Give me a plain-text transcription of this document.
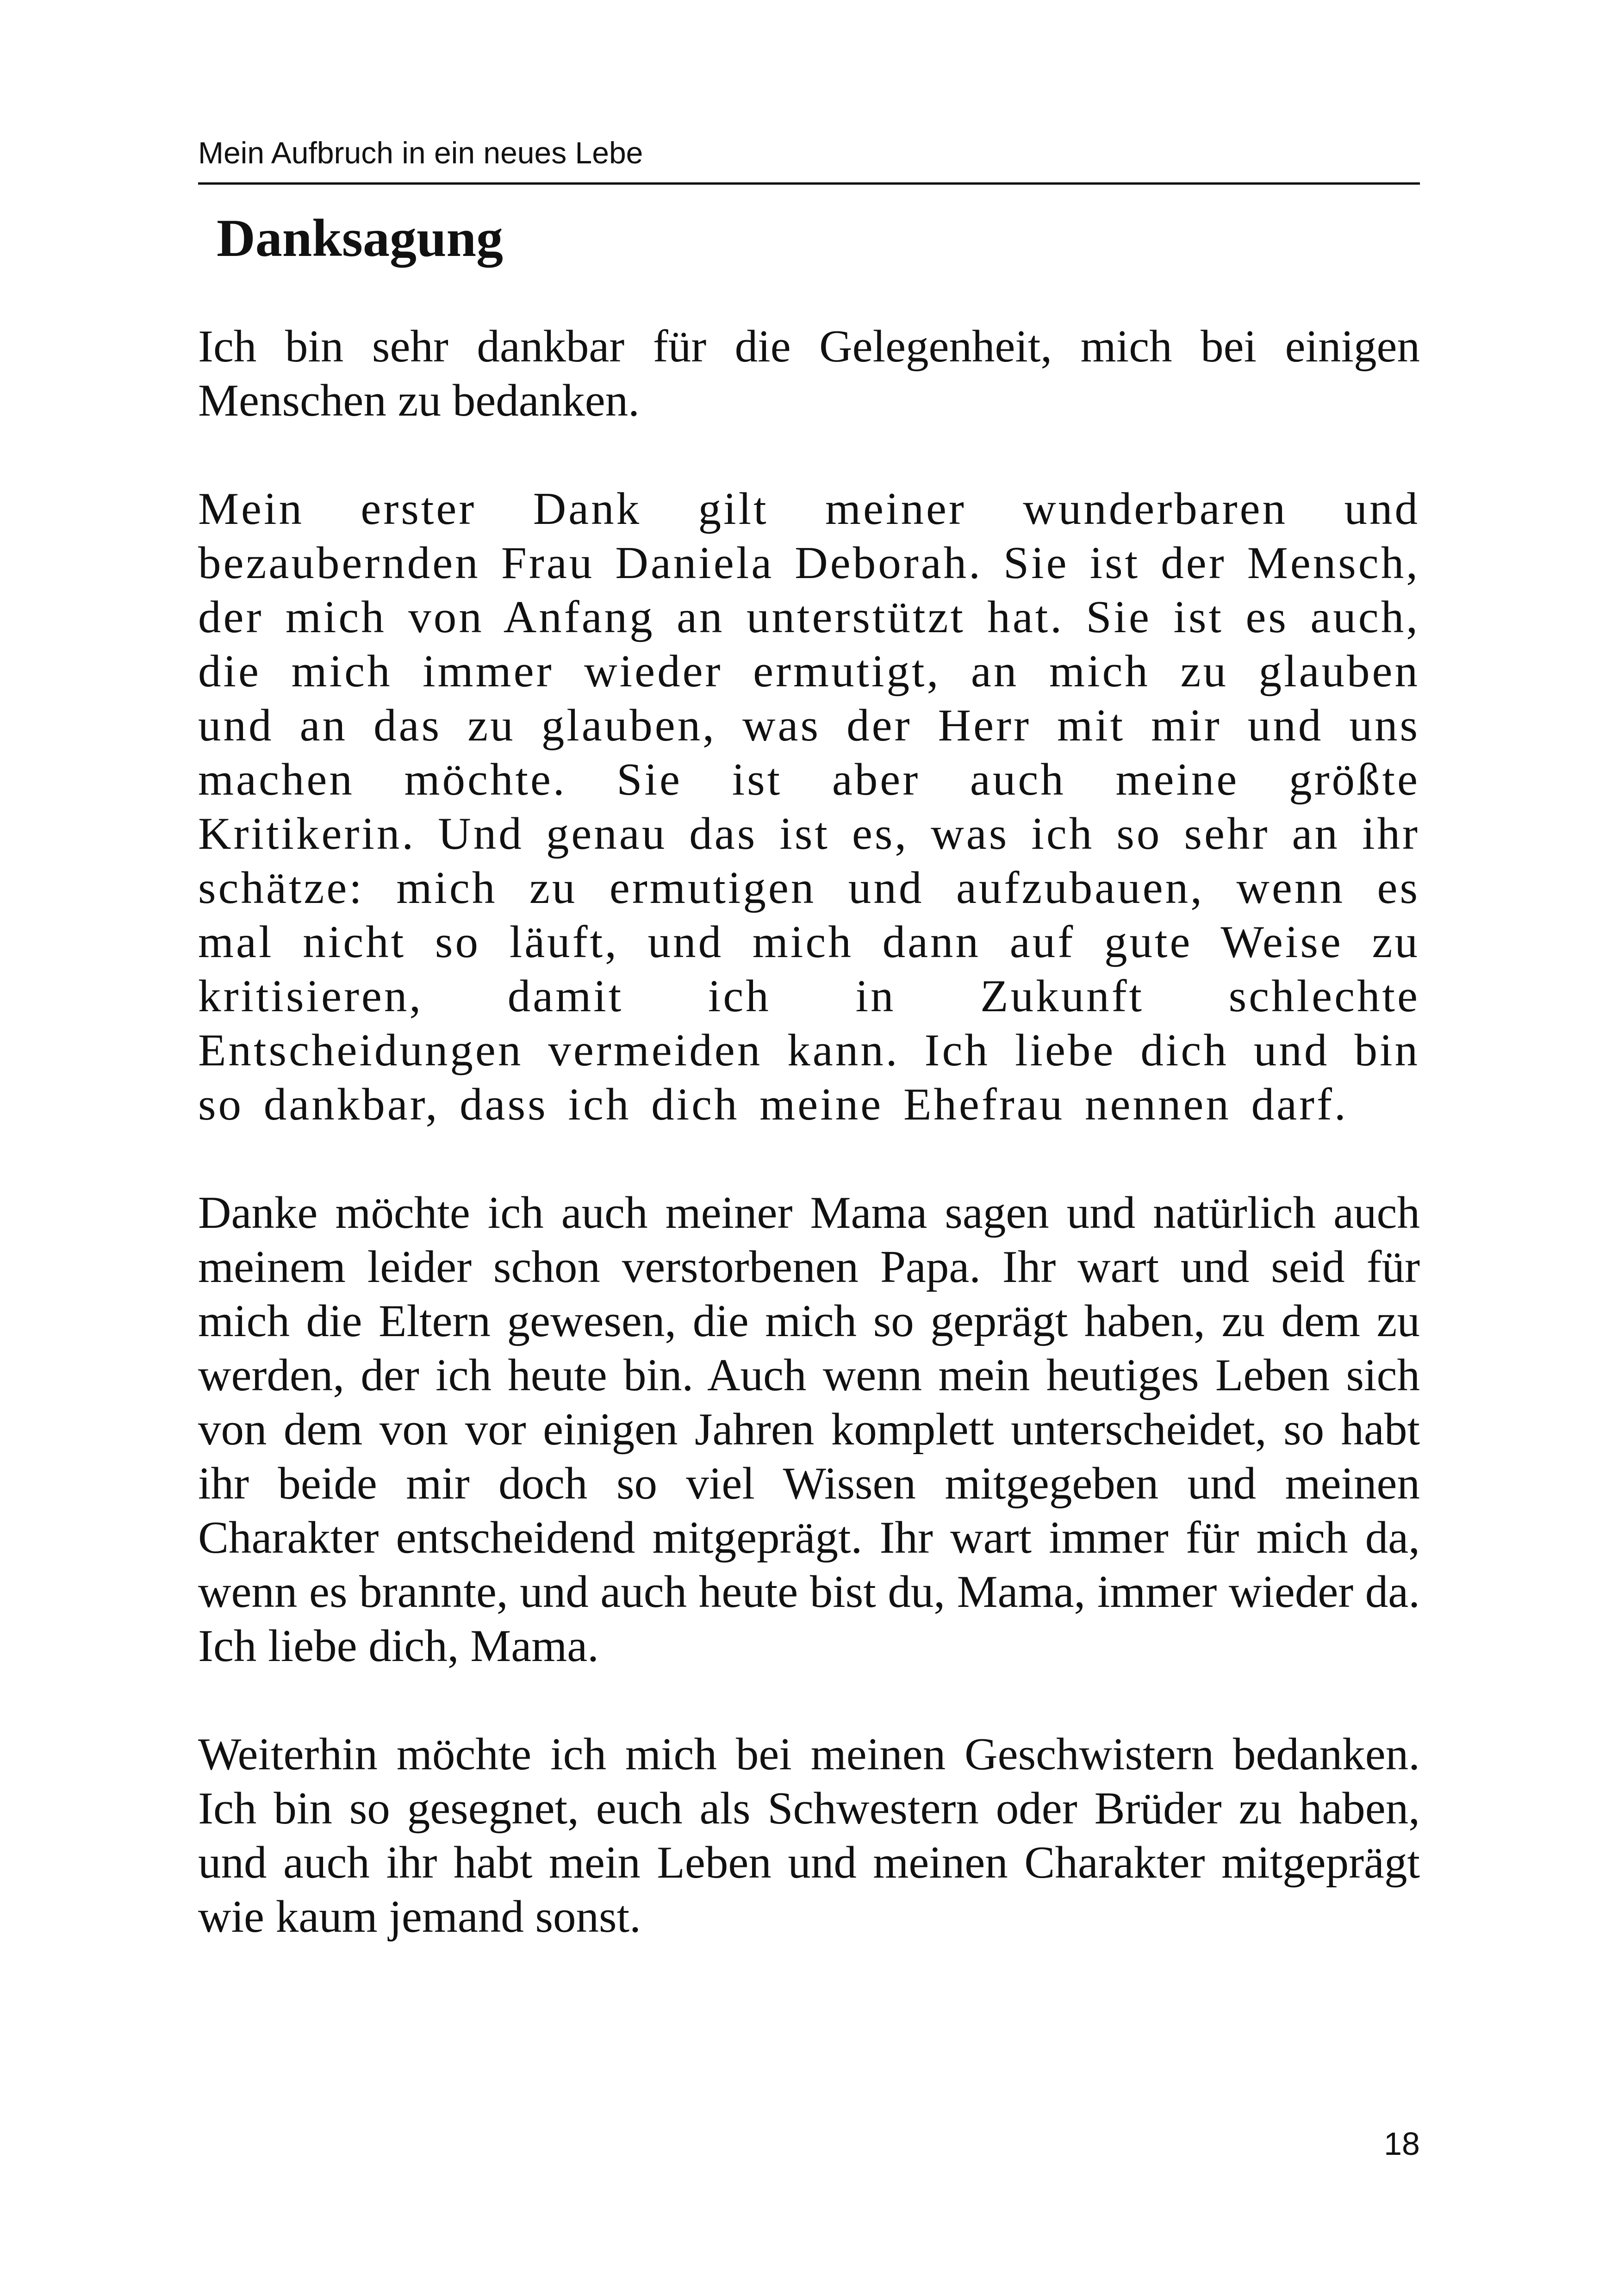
Mein Aufbruch in ein neues Lebe
Danksagung

Ich bin sehr dankbar für die Gelegenheit, mich bei einigen Menschen zu bedanken.

Mein erster Dank gilt meiner wunderbaren und bezaubernden Frau Daniela Deborah. Sie ist der Mensch, der mich von Anfang an unterstützt hat. Sie ist es auch, die mich immer wieder ermutigt, an mich zu glauben und an das zu glauben, was der Herr mit mir und uns machen möchte. Sie ist aber auch meine größte Kritikerin. Und genau das ist es, was ich so sehr an ihr schätze: mich zu ermutigen und aufzubauen, wenn es mal nicht so läuft, und mich dann auf gute Weise zu kritisieren, damit ich in Zukunft schlechte Entscheidungen vermeiden kann. Ich liebe dich und bin so dankbar, dass ich dich meine Ehefrau nennen darf.

Danke möchte ich auch meiner Mama sagen und natürlich auch meinem leider schon verstorbenen Papa. Ihr wart und seid für mich die Eltern gewesen, die mich so geprägt haben, zu dem zu werden, der ich heute bin. Auch wenn mein heutiges Leben sich von dem von vor einigen Jahren komplett unterscheidet, so habt ihr beide mir doch so viel Wissen mitgegeben und meinen Charakter entscheidend mitgeprägt. Ihr wart immer für mich da, wenn es brannte, und auch heute bist du, Mama, immer wieder da. Ich liebe dich, Mama.

Weiterhin möchte ich mich bei meinen Geschwistern bedanken. Ich bin so gesegnet, euch als Schwestern oder Brüder zu haben, und auch ihr habt mein Leben und meinen Charakter mitgeprägt wie kaum jemand sonst.

18
